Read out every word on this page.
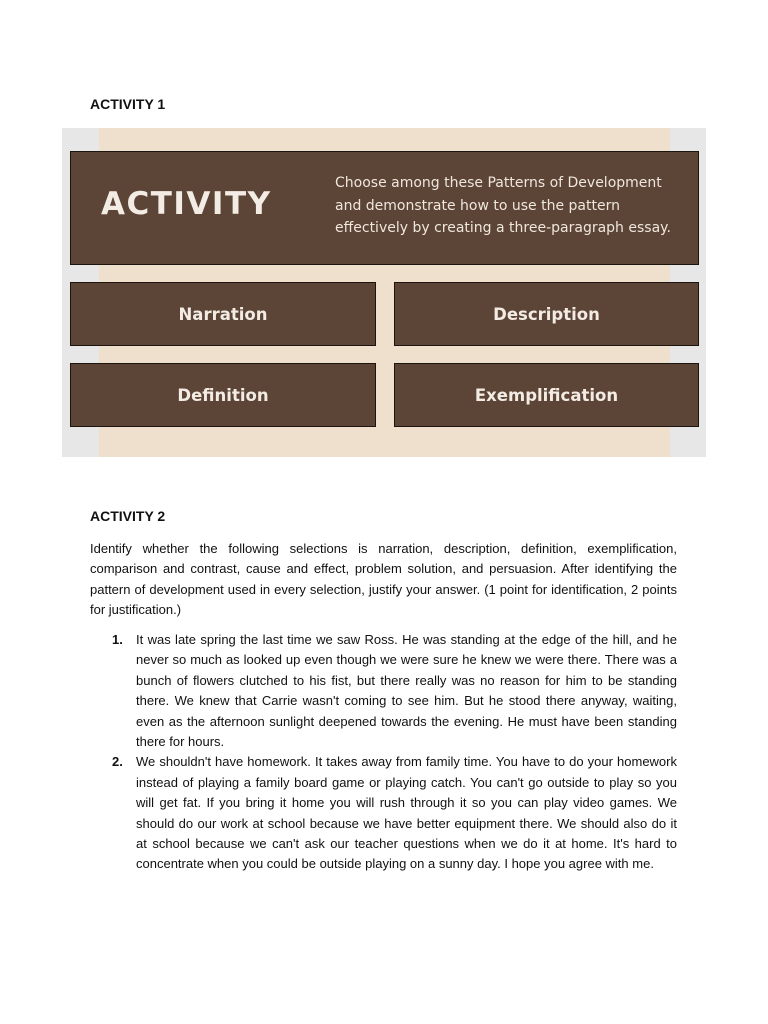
ACTIVITY 1
ACTIVITY
Choose among these Patterns of Development and demonstrate how to use the pattern effectively by creating a three-paragraph essay.
Narration	Description
Definition	Exemplification
ACTIVITY 2

Identify whether the following selections is narration, description, definition, exemplification, comparison and contrast, cause and effect, problem solution, and persuasion. After identifying the pattern of development used in every selection, justify your answer. (1 point for identification, 2 points for justification.)

1. It was late spring the last time we saw Ross. He was standing at the edge of the hill, and he never so much as looked up even though we were sure he knew we were there. There was a bunch of flowers clutched to his fist, but there really was no reason for him to be standing there. We knew that Carrie wasn't coming to see him. But he stood there anyway, waiting, even as the afternoon sunlight deepened towards the evening. He must have been standing there for hours.
2. We shouldn't have homework. It takes away from family time. You have to do your homework instead of playing a family board game or playing catch. You can't go outside to play so you will get fat. If you bring it home you will rush through it so you can play video games. We should do our work at school because we have better equipment there. We should also do it at school because we can't ask our teacher questions when we do it at home. It's hard to concentrate when you could be outside playing on a sunny day. I hope you agree with me.
